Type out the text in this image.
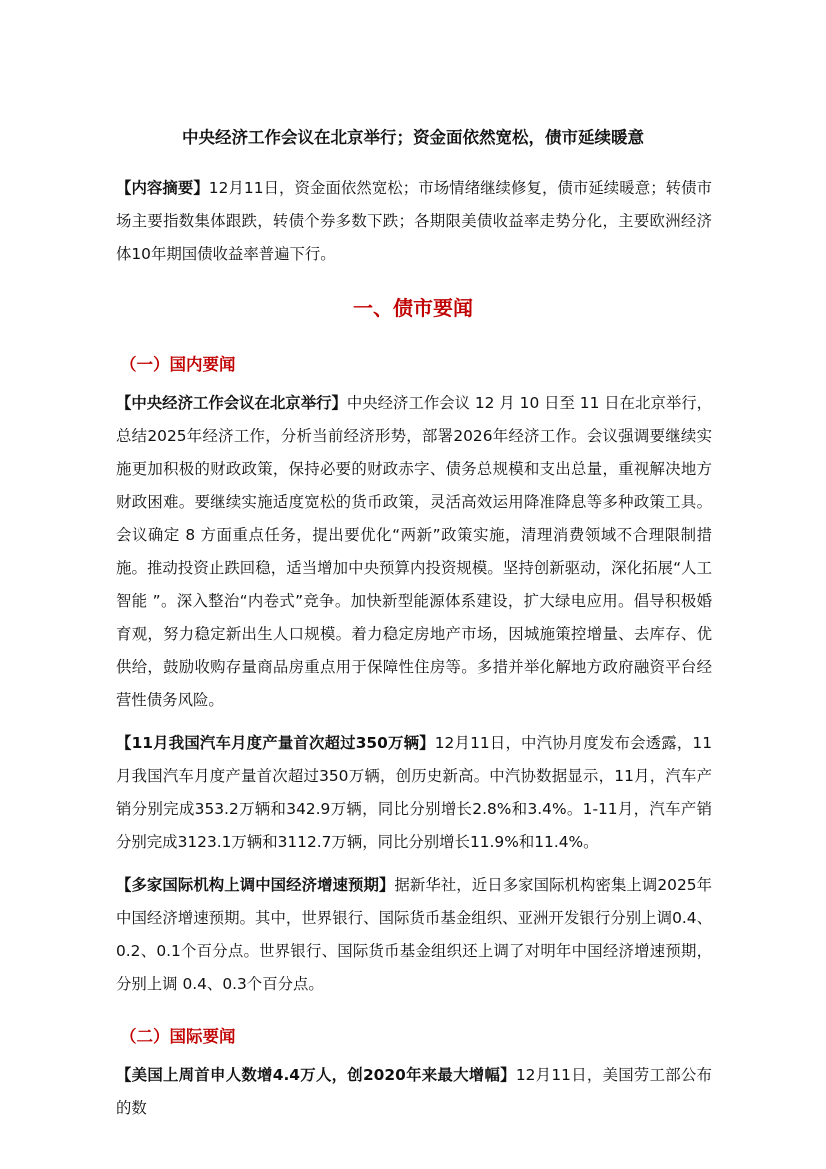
中央经济工作会议在北京举行；资金面依然宽松，债市延续暖意
【内容摘要】12月11日，资金面依然宽松；市场情绪继续修复，债市延续暖意；转债市场主要指数集体跟跌，转债个券多数下跌；各期限美债收益率走势分化，主要欧洲经济体10年期国债收益率普遍下行。
一、债市要闻
（一）国内要闻
【中央经济工作会议在北京举行】中央经济工作会议 12 月 10 日至 11 日在北京举行，总结2025年经济工作，分析当前经济形势，部署2026年经济工作。会议强调要继续实施更加积极的财政政策，保持必要的财政赤字、债务总规模和支出总量，重视解决地方财政困难。要继续实施适度宽松的货币政策，灵活高效运用降准降息等多种政策工具。会议确定 8 方面重点任务，提出要优化“两新”政策实施，清理消费领域不合理限制措施。推动投资止跌回稳，适当增加中央预算内投资规模。坚持创新驱动，深化拓展“人工智能 ”。深入整治“内卷式”竞争。加快新型能源体系建设，扩大绿电应用。倡导积极婚育观，努力稳定新出生人口规模。着力稳定房地产市场，因城施策控增量、去库存、优供给，鼓励收购存量商品房重点用于保障性住房等。多措并举化解地方政府融资平台经营性债务风险。
【11月我国汽车月度产量首次超过350万辆】12月11日，中汽协月度发布会透露，11月我国汽车月度产量首次超过350万辆，创历史新高。中汽协数据显示，11月，汽车产销分别完成353.2万辆和342.9万辆，同比分别增长2.8%和3.4%。1-11月，汽车产销分别完成3123.1万辆和3112.7万辆，同比分别增长11.9%和11.4%。
【多家国际机构上调中国经济增速预期】据新华社，近日多家国际机构密集上调2025年中国经济增速预期。其中，世界银行、国际货币基金组织、亚洲开发银行分别上调0.4、0.2、0.1个百分点。世界银行、国际货币基金组织还上调了对明年中国经济增速预期，分别上调 0.4、0.3个百分点。
（二）国际要闻
【美国上周首申人数增4.4万人，创2020年来最大增幅】12月11日，美国劳工部公布的数
